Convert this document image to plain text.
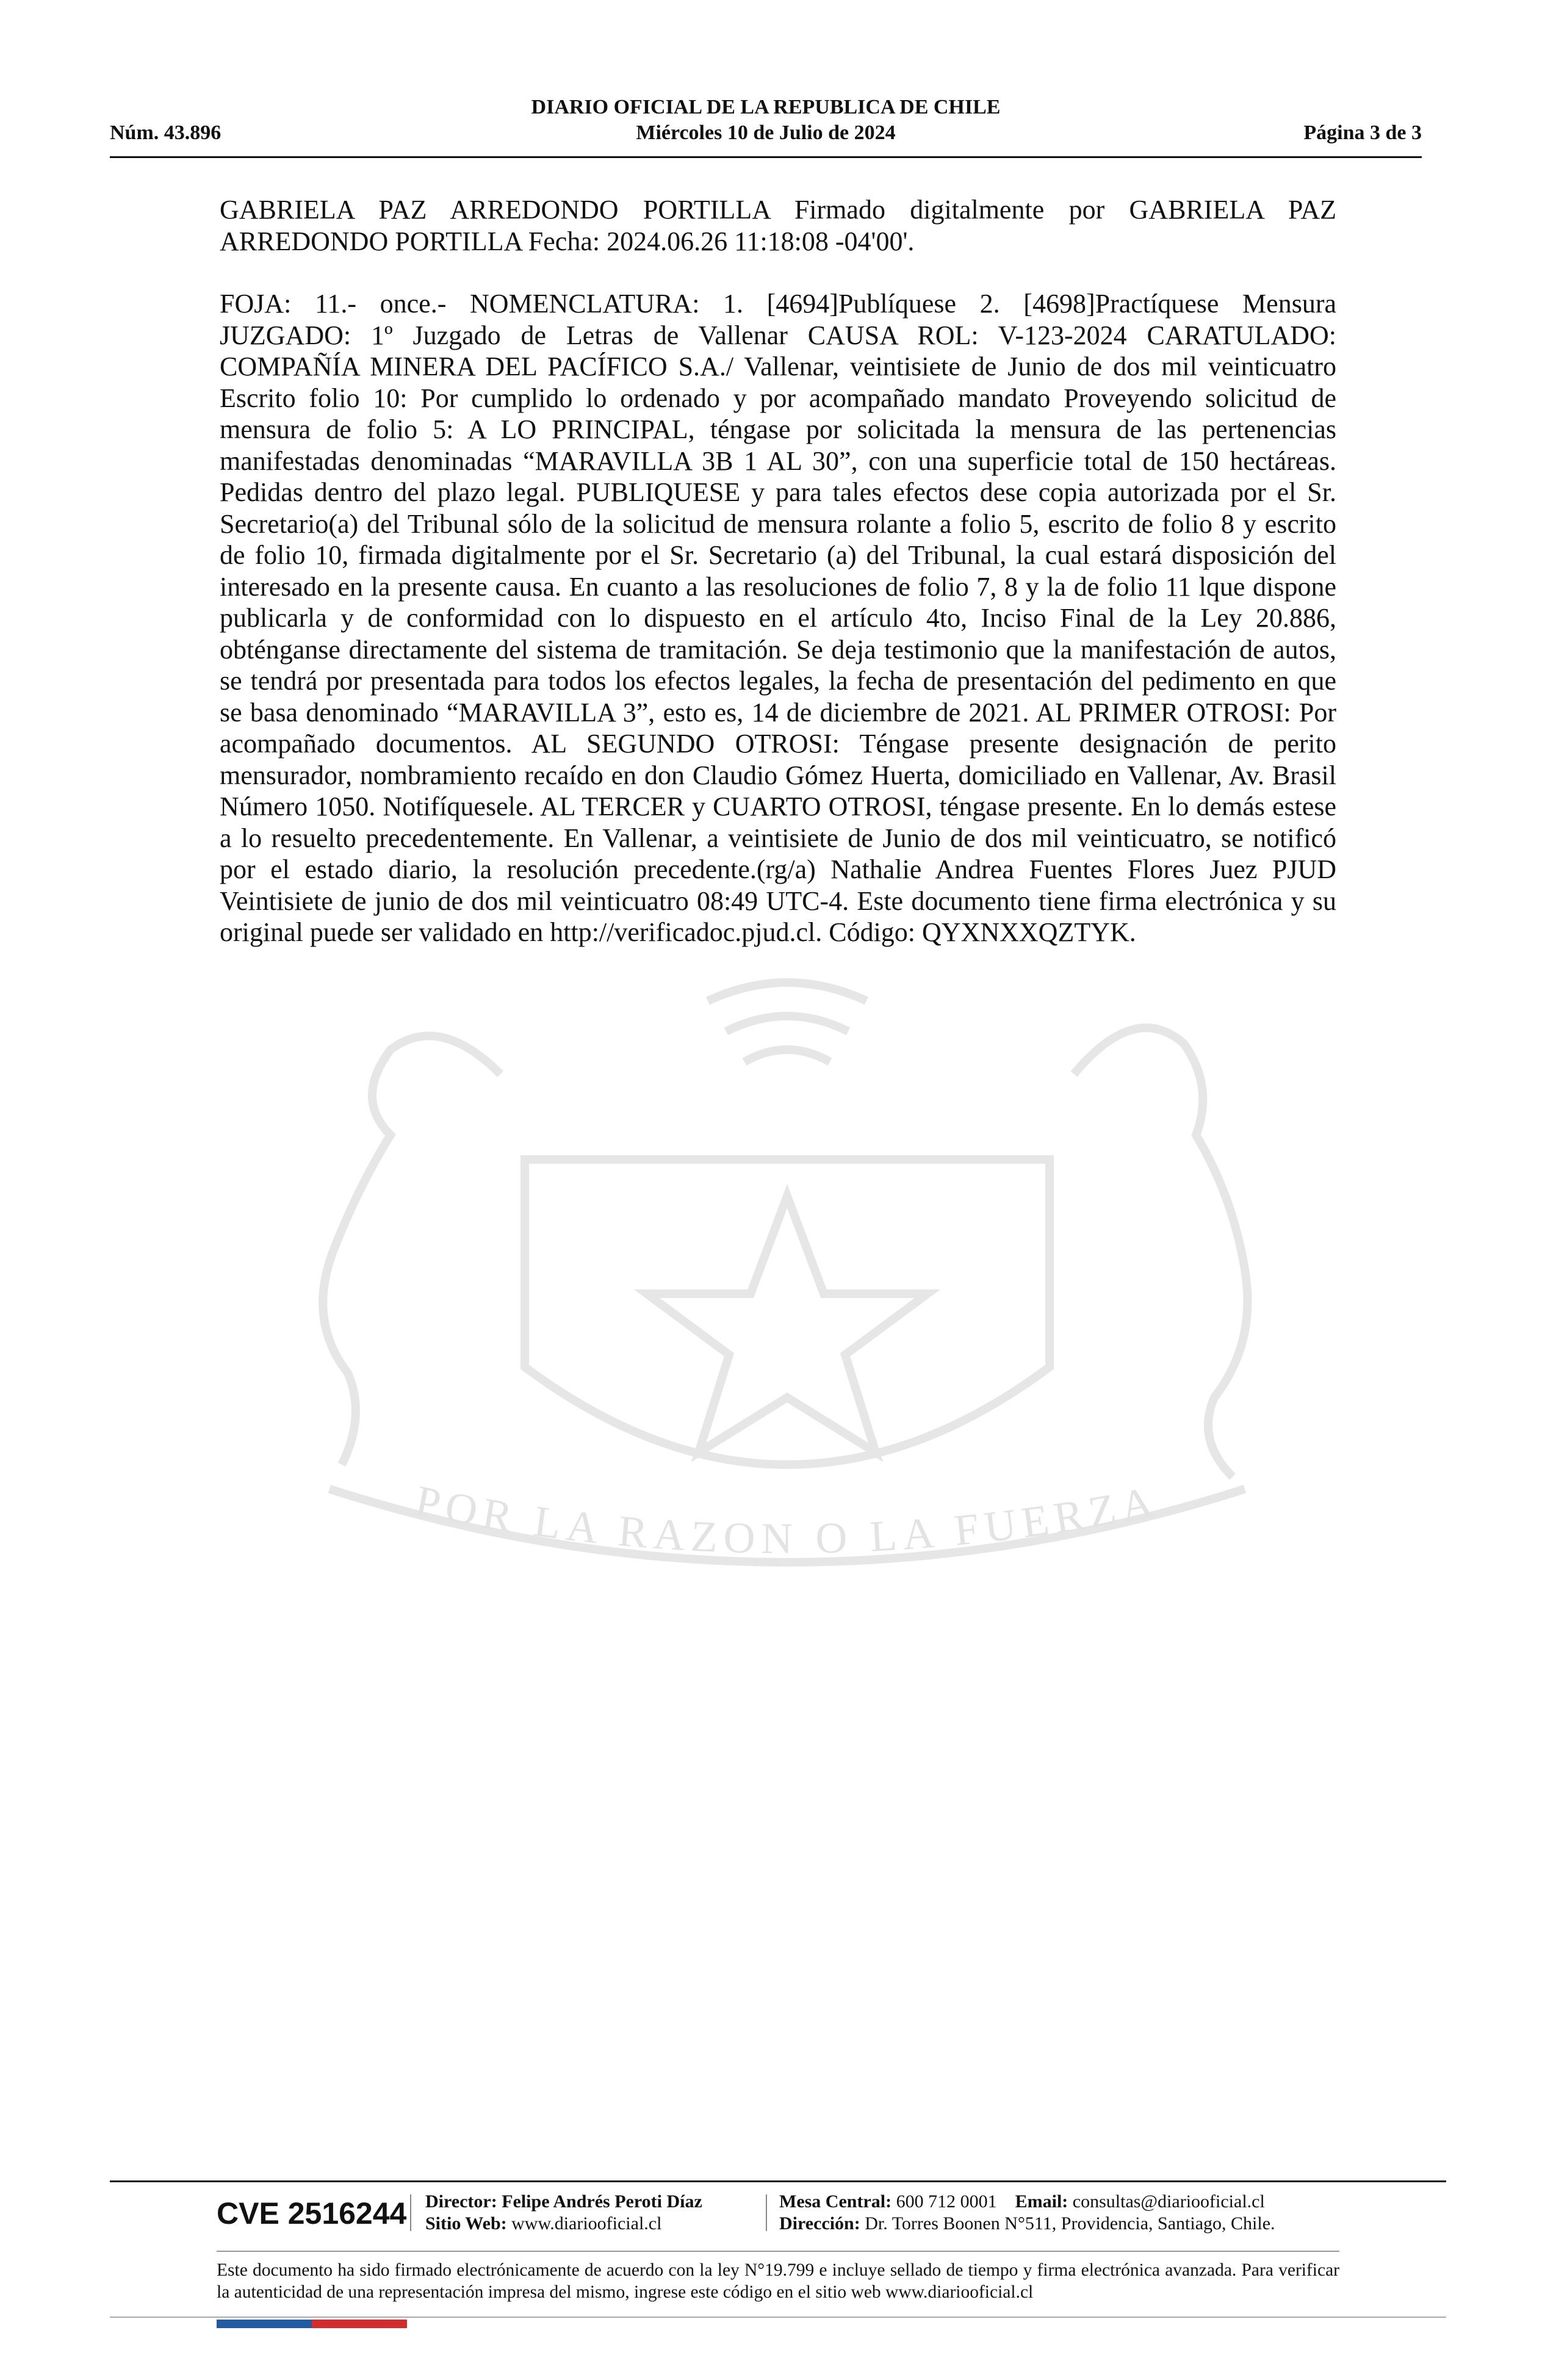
DIARIO OFICIAL DE LA REPUBLICA DE CHILE
Núm. 43.896	Miércoles 10 de Julio de 2024	Página 3 de 3
POR LA RAZON O LA FUERZA

GABRIELA PAZ ARREDONDO PORTILLA Firmado digitalmente por GABRIELA PAZ ARREDONDO PORTILLA Fecha: 2024.06.26 11:18:08 -04'00'.

FOJA: 11.- once.- NOMENCLATURA: 1. [4694]Publíquese 2. [4698]Practíquese Mensura JUZGADO: 1º Juzgado de Letras de Vallenar CAUSA ROL: V-123-2024 CARATULADO: COMPAÑÍA MINERA DEL PACÍFICO S.A./ Vallenar, veintisiete de Junio de dos mil veinticuatro Escrito folio 10: Por cumplido lo ordenado y por acompañado mandato Proveyendo solicitud de mensura de folio 5: A LO PRINCIPAL, téngase por solicitada la mensura de las pertenencias manifestadas denominadas “MARAVILLA 3B 1 AL 30”, con una superficie total de 150 hectáreas. Pedidas dentro del plazo legal. PUBLIQUESE y para tales efectos dese copia autorizada por el Sr. Secretario(a) del Tribunal sólo de la solicitud de mensura rolante a folio 5, escrito de folio 8 y escrito de folio 10, firmada digitalmente por el Sr. Secretario (a) del Tribunal, la cual estará disposición del interesado en la presente causa. En cuanto a las resoluciones de folio 7, 8 y la de folio 11 lque dispone publicarla y de conformidad con lo dispuesto en el artículo 4to, Inciso Final de la Ley 20.886, obténganse directamente del sistema de tramitación. Se deja testimonio que la manifestación de autos, se tendrá por presentada para todos los efectos legales, la fecha de presentación del pedimento en que se basa denominado “MARAVILLA 3”, esto es, 14 de diciembre de 2021. AL PRIMER OTROSI: Por acompañado documentos. AL SEGUNDO OTROSI: Téngase presente designación de perito mensurador, nombramiento recaído en don Claudio Gómez Huerta, domiciliado en Vallenar, Av. Brasil Número 1050. Notifíquesele. AL TERCER y CUARTO OTROSI, téngase presente. En lo demás estese a lo resuelto precedentemente. En Vallenar, a veintisiete de Junio de dos mil veinticuatro, se notificó por el estado diario, la resolución precedente.(rg/a) Nathalie Andrea Fuentes Flores Juez PJUD Veintisiete de junio de dos mil veinticuatro 08:49 UTC-4. Este documento tiene firma electrónica y su original puede ser validado en http://verificadoc.pjud.cl. Código: QYXNXXQZTYK.

CVE 2516244 Director: Felipe Andrés Peroti Díaz
Sitio Web: www.diariooficial.cl
Mesa Central: 600 712 0001 Email: consultas@diariooficial.cl
Dirección: Dr. Torres Boonen N°511, Providencia, Santiago, Chile.
Este documento ha sido firmado electrónicamente de acuerdo con la ley N°19.799 e incluye sellado de tiempo y firma electrónica avanzada. Para verificar la autenticidad de una representación impresa del mismo, ingrese este código en el sitio web www.diariooficial.cl
